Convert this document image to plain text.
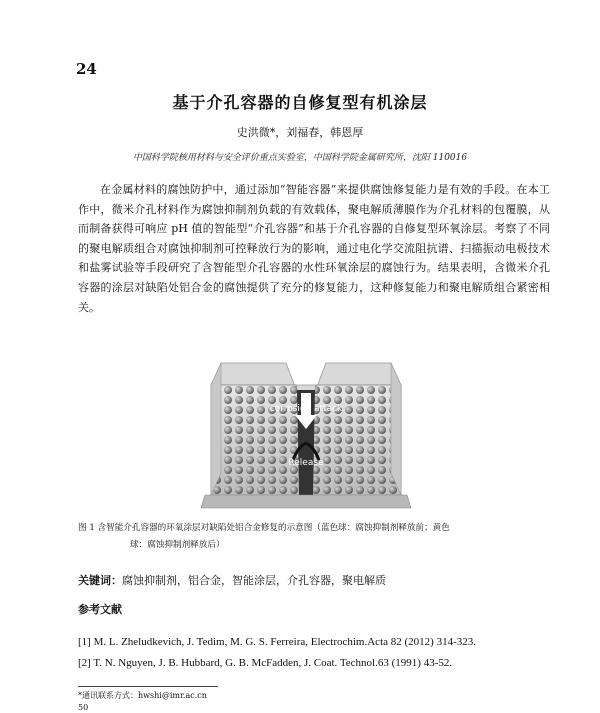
24
基于介孔容器的自修复型有机涂层
史洪微*，刘福春，韩恩厚
中国科学院核用材料与安全评价重点实验室，中国科学院金属研究所，沈阳 110016

在金属材料的腐蚀防护中，通过添加“智能容器”来提供腐蚀修复能力是有效的手段。在本工作中，微米介孔材料作为腐蚀抑制剂负载的有效载体，聚电解质薄膜作为介孔材料的包覆膜，从而制备获得可响应 pH 值的智能型“介孔容器”和基于介孔容器的自修复型环氧涂层。考察了不同的聚电解质组合对腐蚀抑制剂可控释放行为的影响，通过电化学交流阻抗谱、扫描振动电极技术和盐雾试验等手段研究了含智能型介孔容器的水性环氧涂层的腐蚀行为。结果表明，含微米介孔容器的涂层对缺陷处铝合金的腐蚀提供了充分的修复能力，这种修复能力和聚电解质组合紧密相关。

ΔpH
corrosion attack
Release
图 1 含智能介孔容器的环氧涂层对缺陷处铝合金修复的示意图（蓝色球：腐蚀抑制剂释放前；黄色
球：腐蚀抑制剂释放后）
关键词：腐蚀抑制剂，铝合金，智能涂层，介孔容器，聚电解质
参考文献
[1] M. L. Zheludkevich, J. Tedim, M. G. S. Ferreira, Electrochim.Acta 82 (2012) 314-323.
[2] T. N. Nguyen, J. B. Hubbard, G. B. McFadden, J. Coat. Technol.63 (1991) 43-52.
*通讯联系方式：hwshi@imr.ac.cn
50
